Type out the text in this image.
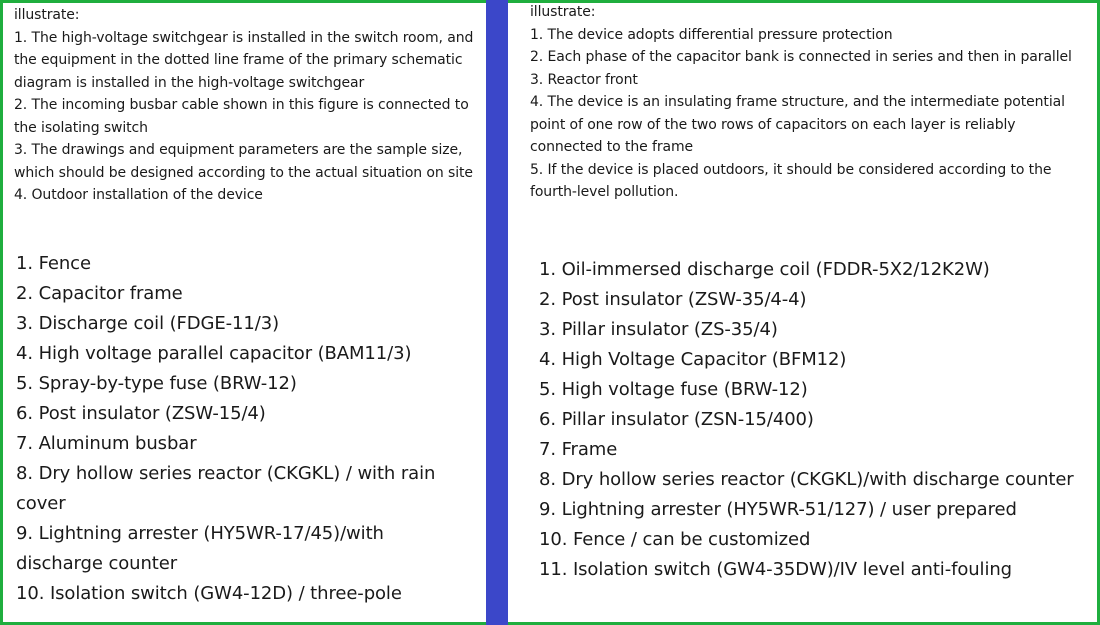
illustrate:
1. The high-voltage switchgear is installed in the switch room, and the equipment in the dotted line frame of the primary schematic diagram is installed in the high-voltage switchgear
2. The incoming busbar cable shown in this figure is connected to the isolating switch
3. The drawings and equipment parameters are the sample size, which should be designed according to the actual situation on site
4. Outdoor installation of the device
1. Fence
2. Capacitor frame
3. Discharge coil (FDGE-11/3)
4. High voltage parallel capacitor (BAM11/3)
5. Spray-by-type fuse (BRW-12)
6. Post insulator (ZSW-15/4)
7. Aluminum busbar
8. Dry hollow series reactor (CKGKL) / with rain cover
9. Lightning arrester (HY5WR-17/45)/with discharge counter
10. Isolation switch (GW4-12D) / three-pole
illustrate:
1. The device adopts differential pressure protection
2. Each phase of the capacitor bank is connected in series and then in parallel
3. Reactor front
4. The device is an insulating frame structure, and the intermediate potential point of one row of the two rows of capacitors on each layer is reliably connected to the frame
5. If the device is placed outdoors, it should be considered according to the fourth-level pollution.
1. Oil-immersed discharge coil (FDDR-5X2/12K2W)
2. Post insulator (ZSW-35/4-4)
3. Pillar insulator (ZS-35/4)
4. High Voltage Capacitor (BFM12)
5. High voltage fuse (BRW-12)
6. Pillar insulator (ZSN-15/400)
7. Frame
8. Dry hollow series reactor (CKGKL)/with discharge counter
9. Lightning arrester (HY5WR-51/127) / user prepared
10. Fence / can be customized
11. Isolation switch (GW4-35DW)/IV level anti-fouling
